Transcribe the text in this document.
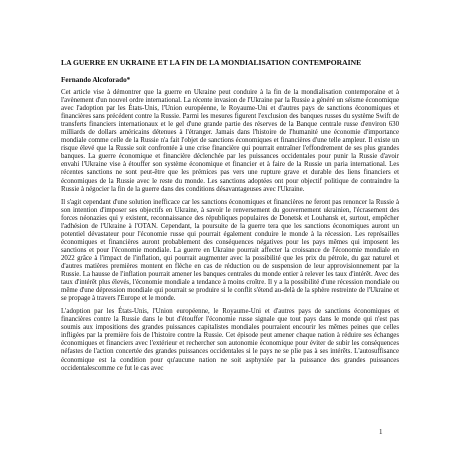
LA GUERRE EN UKRAINE ET LA FIN DE LA MONDIALISATION CONTEMPORAINE
Fernando Alcoforado*

Cet article vise à démontrer que la guerre en Ukraine peut conduire à la fin de la mondialisation contemporaine et à l'avènement d'un nouvel ordre international. La récente invasion de l'Ukraine par la Russie a généré un séisme économique avec l'adoption par les États-Unis, l'Union européenne, le Royaume-Uni et d'autres pays de sanctions économiques et financières sans précédent contre la Russie. Parmi les mesures figurent l'exclusion des banques russes du système Swift de transferts financiers internationaux et le gel d'une grande partie des réserves de la Banque centrale russe d'environ 630 milliards de dollars américains détenues à l'étranger. Jamais dans l'histoire de l'humanité une économie d'importance mondiale comme celle de la Russie n'a fait l'objet de sanctions économiques et financières d'une telle ampleur. Il existe un risque élevé que la Russie soit confrontée à une crise financière qui pourrait entraîner l'effondrement de ses plus grandes banques. La guerre économique et financière déclenchée par les puissances occidentales pour punir la Russie d'avoir envahi l'Ukraine vise à étouffer son système économique et financier et à faire de la Russie un paria international. Les récentes sanctions ne sont peut-être que les prémices pas vers une rupture grave et durable des liens financiers et économiques de la Russie avec le reste du monde. Les sanctions adoptées ont pour objectif politique de contraindre la Russie à négocier la fin de la guerre dans des conditions désavantageuses avec l'Ukraine.

Il s'agit cependant d'une solution inefficace car les sanctions économiques et financières ne feront pas renoncer la Russie à son intention d'imposer ses objectifs en Ukraine, à savoir le renversement du gouvernement ukrainien, l'écrasement des forces néonazies qui y existent, reconnaissance des républiques populaires de Donetsk et Louhansk et, surtout, empêcher l'adhésion de l'Ukraine à l'OTAN. Cependant, la poursuite de la guerre tera que les sanctions économiques auront un potentiel dévastateur pour l'économie russe qui pourrait également conduire le monde à la récession. Les représailles économiques et financières auront probablement des conséquences négatives pour les pays mêmes qui imposent les sanctions et pour l'économie mondiale. La guerre en Ukraine pourrait affecter la croissance de l'économie mondiale en 2022 grâce à l'impact de l'inflation, qui pourrait augmenter avec la possibilité que les prix du pétrole, du gaz naturel et d'autres matières premières montent en flèche en cas de réduction ou de suspension de leur approvisionnement par la Russie. La hausse de l'inflation pourrait amener les banques centrales du monde entier à relever les taux d'intérêt. Avec des taux d'intérêt plus élevés, l'économie mondiale a tendance à moins croître. Il y a la possibilité d'une récession mondiale ou même d'une dépression mondiale qui pourrait se produire si le conflit s'étend au-delà de la sphère restreinte de l'Ukraine et se propage à travers l'Europe et le monde.

L'adoption par les États-Unis, l'Union européenne, le Royaume-Uni et d'autres pays de sanctions économiques et financières contre la Russie dans le but d'étouffer l'économie russe signale que tout pays dans le monde qui n'est pas soumis aux impositions des grandes puissances capitalistes mondiales pourraient encourir les mêmes peines que celles infligées par la première fois de l'histoire contre la Russie. Cet épisode peut amener chaque nation à réduire ses échanges économiques et financiers avec l'extérieur et rechercher son autonomie économique pour éviter de subir les conséquences néfastes de l'action concertée des grandes puissances occidentales si le pays ne se plie pas à ses intérêts. L'autosuffisance économique est la condition pour qu'aucune nation ne soit asphyxiée par la puissance des grandes puissances occidentalescomme ce fut le cas avec

1
